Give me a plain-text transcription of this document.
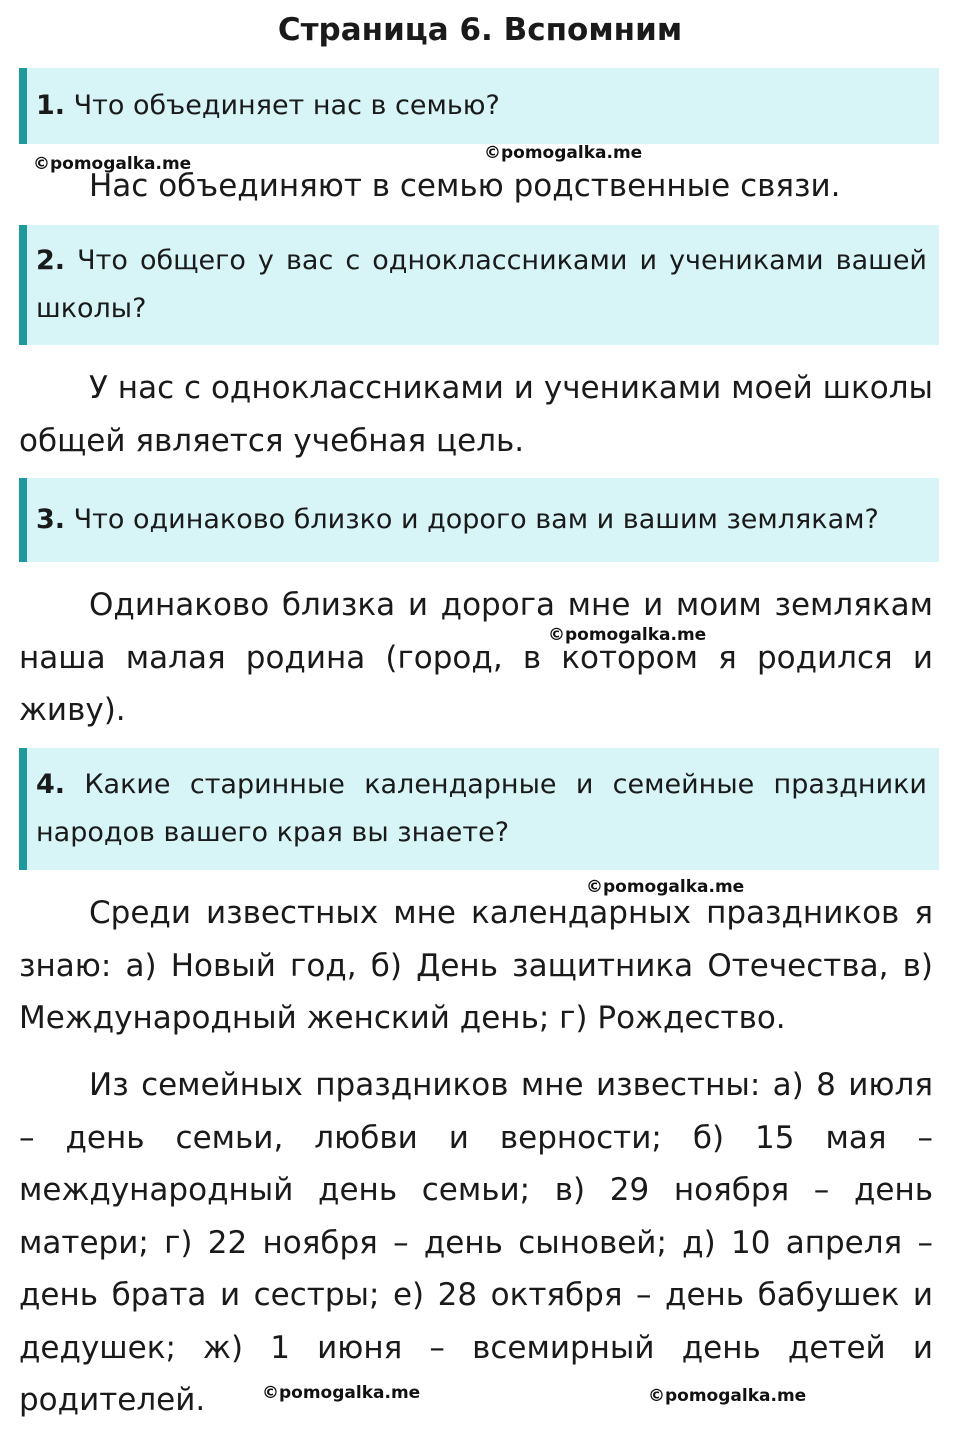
Страница 6. Вспомним
1. Что объединяет нас в семью?
©pomogalka.me
©pomogalka.me
Нас объединяют в семью родственные связи.
2. Что общего у вас с одноклассниками и учениками вашей школы?
У нас с одноклассниками и учениками моей школы общей является учебная цель.
3. Что одинаково близко и дорого вам и вашим землякам?
Одинаково близка и дорога мне и моим землякам наша малая родина (город, в котором я родился и живу).
©pomogalka.me
4. Какие старинные календарные и семейные праздники народов вашего края вы знаете?
©pomogalka.me
Среди известных мне календарных праздников я знаю: а) Новый год, б) День защитника Отечества, в) Международный женский день; г) Рождество.
Из семейных праздников мне известны: а) 8 июля – день семьи, любви и верности; б) 15 мая – международный день семьи; в) 29 ноября – день матери; г) 22 ноября – день сыновей; д) 10 апреля – день брата и сестры; е) 28 октября – день бабушек и дедушек; ж) 1 июня – всемирный день детей и родителей.	©pomogalka.me	©pomogalka.me
